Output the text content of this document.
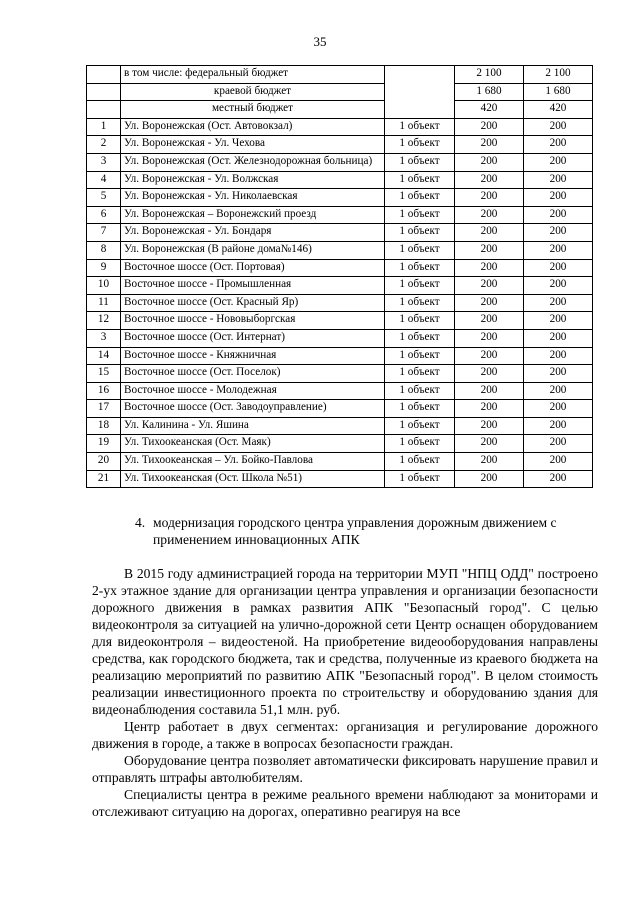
35
	в том числе: федеральный бюджет		2 100	2 100
	краевой бюджет		1 680	1 680
	местный бюджет		420	420
1	Ул. Воронежская (Ост. Автовокзал)	1 объект	200	200
2	Ул. Воронежская - Ул. Чехова	1 объект	200	200
3	Ул. Воронежская (Ост. Железнодорожная больница)	1 объект	200	200
4	Ул. Воронежская - Ул. Волжская	1 объект	200	200
5	Ул. Воронежская - Ул. Николаевская	1 объект	200	200
6	Ул. Воронежская – Воронежский проезд	1 объект	200	200
7	Ул. Воронежская - Ул. Бондаря	1 объект	200	200
8	Ул. Воронежская (В районе дома№146)	1 объект	200	200
9	Восточное шоссе (Ост. Портовая)	1 объект	200	200
10	Восточное шоссе - Промышленная	1 объект	200	200
11	Восточное шоссе (Ост. Красный Яр)	1 объект	200	200
12	Восточное шоссе - Нововыборгская	1 объект	200	200
3	Восточное шоссе (Ост. Интернат)	1 объект	200	200
14	Восточное шоссе - Княжничная	1 объект	200	200
15	Восточное шоссе (Ост. Поселок)	1 объект	200	200
16	Восточное шоссе - Молодежная	1 объект	200	200
17	Восточное шоссе (Ост. Заводоуправление)	1 объект	200	200
18	Ул. Калинина - Ул. Яшина	1 объект	200	200
19	Ул. Тихоокеанская (Ост. Маяк)	1 объект	200	200
20	Ул. Тихоокеанская – Ул. Бойко-Павлова	1 объект	200	200
21	Ул. Тихоокеанская (Ост. Школа №51)	1 объект	200	200
4. модернизация городского центра управления дорожным движением с
применением инновационных АПК

В 2015 году администрацией города на территории МУП "НПЦ ОДД" построено 2-ух этажное здание для организации центра управления и организации безопасности дорожного движения в рамках развития АПК "Безопасный город". С целью видеоконтроля за ситуацией на улично-дорожной сети Центр оснащен оборудованием для видеоконтроля – видеостеной. На приобретение видеооборудования направлены средства, как городского бюджета, так и средства, полученные из краевого бюджета на реализацию мероприятий по развитию АПК "Безопасный город". В целом стоимость реализации инвестиционного проекта по строительству и оборудованию здания для видеонаблюдения составила 51,1 млн. руб.

Центр работает в двух сегментах: организация и регулирование дорожного движения в городе, а также в вопросах безопасности граждан.

Оборудование центра позволяет автоматически фиксировать нарушение правил и отправлять штрафы автолюбителям.

Специалисты центра в режиме реального времени наблюдают за мониторами и отслеживают ситуацию на дорогах, оперативно реагируя на все
